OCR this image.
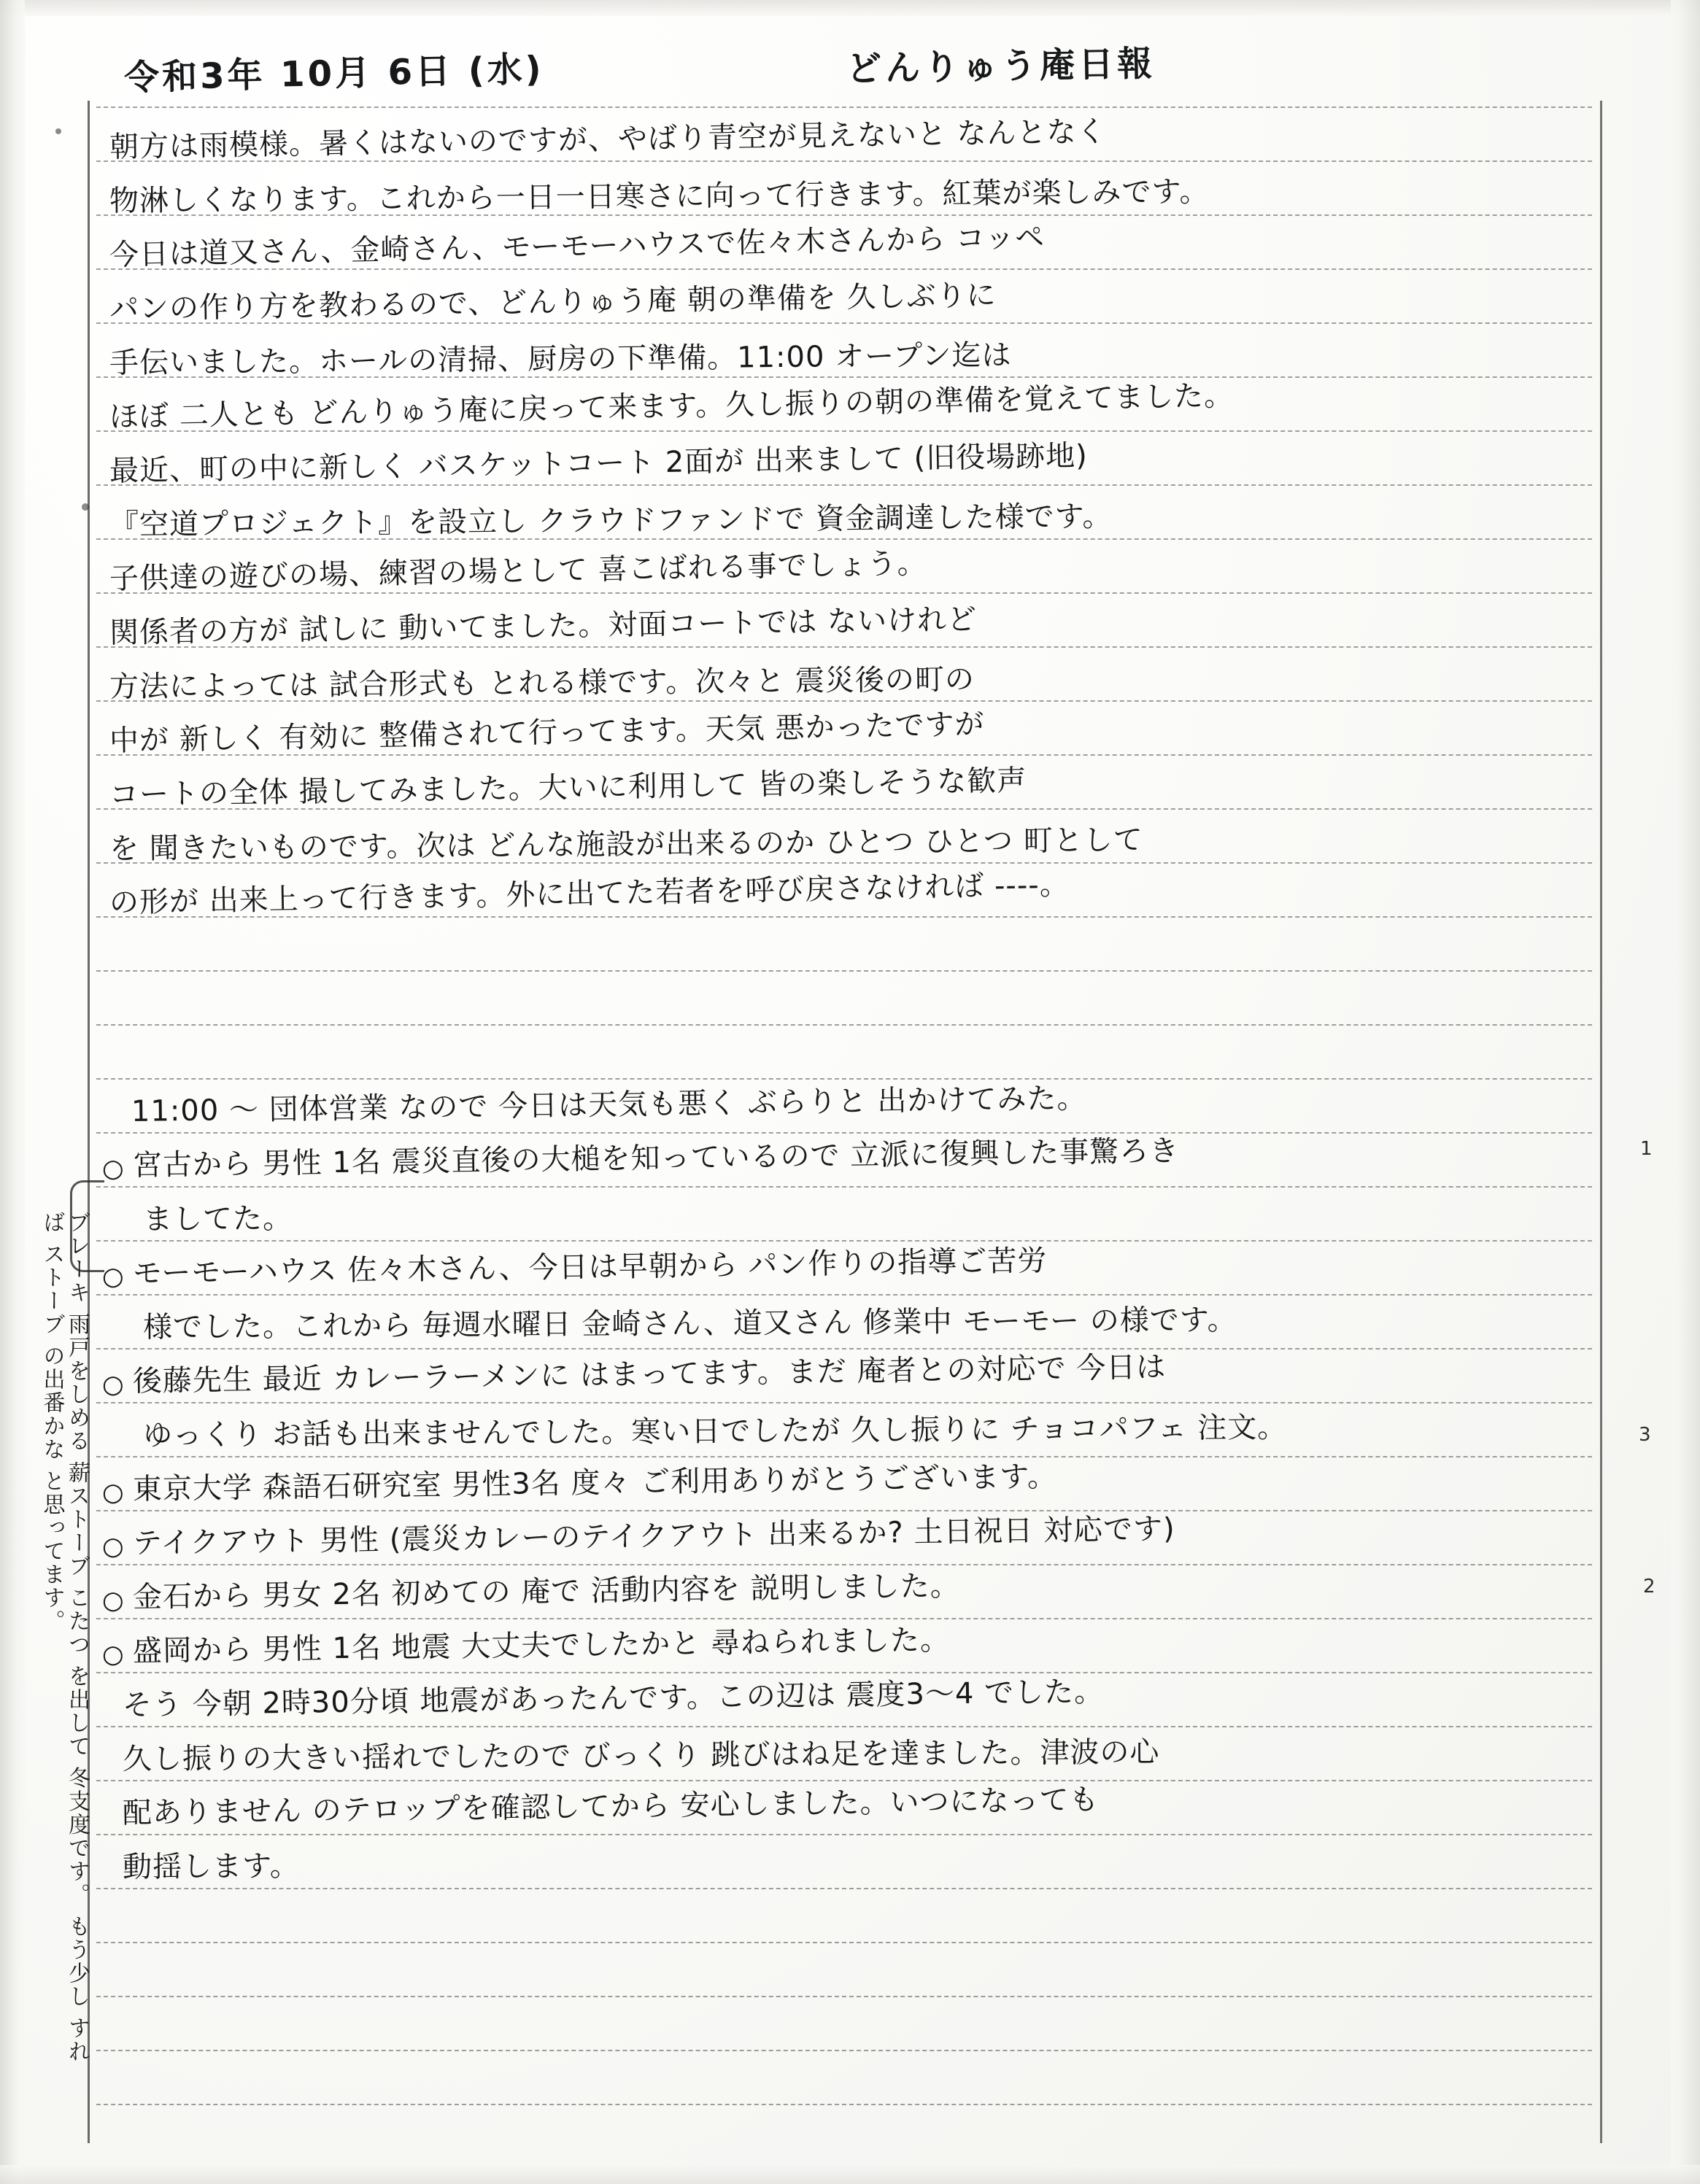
令和3年 10月 6日 (水)	どんりゅう庵日報
朝方は雨模様。暑くはないのですが、やばり青空が見えないと なんとなく
物淋しくなります。これから一日一日寒さに向って行きます。紅葉が楽しみです。
今日は道又さん、金崎さん、モーモーハウスで佐々木さんから コッペ
パンの作り方を教わるので、どんりゅう庵 朝の準備を 久しぶりに
手伝いました。ホールの清掃、厨房の下準備。11:00 オープン迄は
ほぼ 二人とも どんりゅう庵に戻って来ます。久し振りの朝の準備を覚えてました。
最近、町の中に新しく バスケットコート 2面が 出来まして (旧役場跡地)
『空道プロジェクト』を設立し クラウドファンドで 資金調達した様です。
子供達の遊びの場、練習の場として 喜こばれる事でしょう。
関係者の方が 試しに 動いてました。対面コートでは ないけれど
方法によっては 試合形式も とれる様です。次々と 震災後の町の
中が 新しく 有効に 整備されて行ってます。天気 悪かったですが
コートの全体 撮してみました。大いに利用して 皆の楽しそうな歓声
を 聞きたいものです。次は どんな施設が出来るのか ひとつ ひとつ 町として
の形が 出来上って行きます。外に出てた若者を呼び戻さなければ ----。
11:00 〜 団体営業 なので 今日は天気も悪く ぶらりと 出かけてみた。
○ 宮古から 男性 1名 震災直後の大槌を知っているので 立派に復興した事驚ろき
ましてた。
○ モーモーハウス 佐々木さん、今日は早朝から パン作りの指導ご苦労
様でした。これから 毎週水曜日 金崎さん、道又さん 修業中 モーモー の様です。
○ 後藤先生 最近 カレーラーメンに はまってます。まだ 庵者との対応で 今日は
ゆっくり お話も出来ませんでした。寒い日でしたが 久し振りに チョコパフェ 注文。
○ 東京大学 森語石研究室 男性3名 度々 ご利用ありがとうございます。
○ テイクアウト 男性 (震災カレーのテイクアウト 出来るか? 土日祝日 対応です)
○ 金石から 男女 2名 初めての 庵で 活動内容を 説明しました。
○ 盛岡から 男性 1名 地震 大丈夫でしたかと 尋ねられました。
そう 今朝 2時30分頃 地震があったんです。この辺は 震度3〜4 でした。
久し振りの大きい揺れでしたので びっくり 跳びはね足を達ました。津波の心
配ありません のテロップを確認してから 安心しました。いつになっても
動揺します。
ブレーキ 雨戸をしめる 薪ストーブ こたつ を出して 冬支度です。 もう少し すれば ストーブ の出番かな と思ってます。
1
2
3
